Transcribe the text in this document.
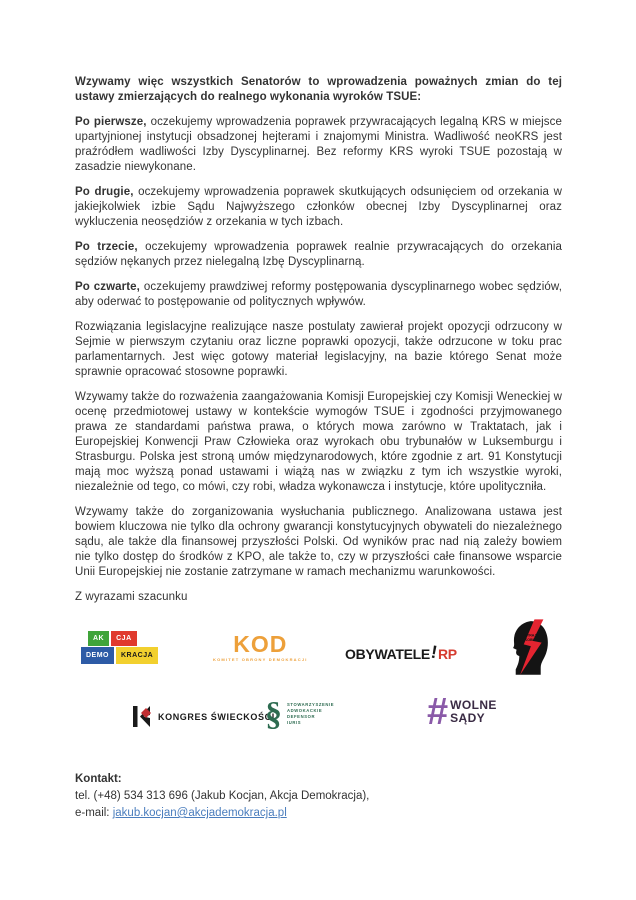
Wzywamy więc wszystkich Senatorów to wprowadzenia poważnych zmian do tej ustawy zmierzających do realnego wykonania wyroków TSUE:

Po pierwsze, oczekujemy wprowadzenia poprawek przywracających legalną KRS w miejsce upartyjnionej instytucji obsadzonej hejterami i znajomymi Ministra. Wadliwość neoKRS jest praźródłem wadliwości Izby Dyscyplinarnej. Bez reformy KRS wyroki TSUE pozostają w zasadzie niewykonane.

Po drugie, oczekujemy wprowadzenia poprawek skutkujących odsunięciem od orzekania w jakiejkolwiek izbie Sądu Najwyższego członków obecnej Izby Dyscyplinarnej oraz wykluczenia neosędziów z orzekania w tych izbach.

Po trzecie, oczekujemy wprowadzenia poprawek realnie przywracających do orzekania sędziów nękanych przez nielegalną Izbę Dyscyplinarną.

Po czwarte, oczekujemy prawdziwej reformy postępowania dyscyplinarnego wobec sędziów, aby oderwać to postępowanie od politycznych wpływów.

Rozwiązania legislacyjne realizujące nasze postulaty zawierał projekt opozycji odrzucony w Sejmie w pierwszym czytaniu oraz liczne poprawki opozycji, także odrzucone w toku prac parlamentarnych. Jest więc gotowy materiał legislacyjny, na bazie którego Senat może sprawnie opracować stosowne poprawki.

Wzywamy także do rozważenia zaangażowania Komisji Europejskiej czy Komisji Weneckiej w ocenę przedmiotowej ustawy w kontekście wymogów TSUE i zgodności przyjmowanego prawa ze standardami państwa prawa, o których mowa zarówno w Traktatach, jak i Europejskiej Konwencji Praw Człowieka oraz wyrokach obu trybunałów w Luksemburgu i Strasburgu. Polska jest stroną umów międzynarodowych, które zgodnie z art. 91 Konstytucji mają moc wyższą ponad ustawami i wiążą nas w związku z tym ich wszystkie wyroki, niezależnie od tego, co mówi, czy robi, władza wykonawcza i instytucje, które upolityczniła.

Wzywamy także do zorganizowania wysłuchania publicznego. Analizowana ustawa jest bowiem kluczowa nie tylko dla ochrony gwarancji konstytucyjnych obywateli do niezależnego sądu, ale także dla finansowej przyszłości Polski. Od wyników prac nad nią zależy bowiem nie tylko dostęp do środków z KPO, ale także to, czy w przyszłości całe finansowe wsparcie Unii Europejskiej nie zostanie zatrzymane w ramach mechanizmu warunkowości.

Z wyrazami szacunku

AK	CJA
DEMO	KRACJA	KOD
KOMITET OBRONY DEMOKRACJI	OBYWATELE ! RP
STRAJK
KOBIET
KONGRES ŚWIECKOŚCI
§ STOWARZYSZENIE
ADWOKACKIE
DEFENSOR
IURIS	# WOLNE
SĄDY

Kontakt:

tel. (+48) 534 313 696 (Jakub Kocjan, Akcja Demokracja),

e-mail: jakub.kocjan@akcjademokracja.pl
